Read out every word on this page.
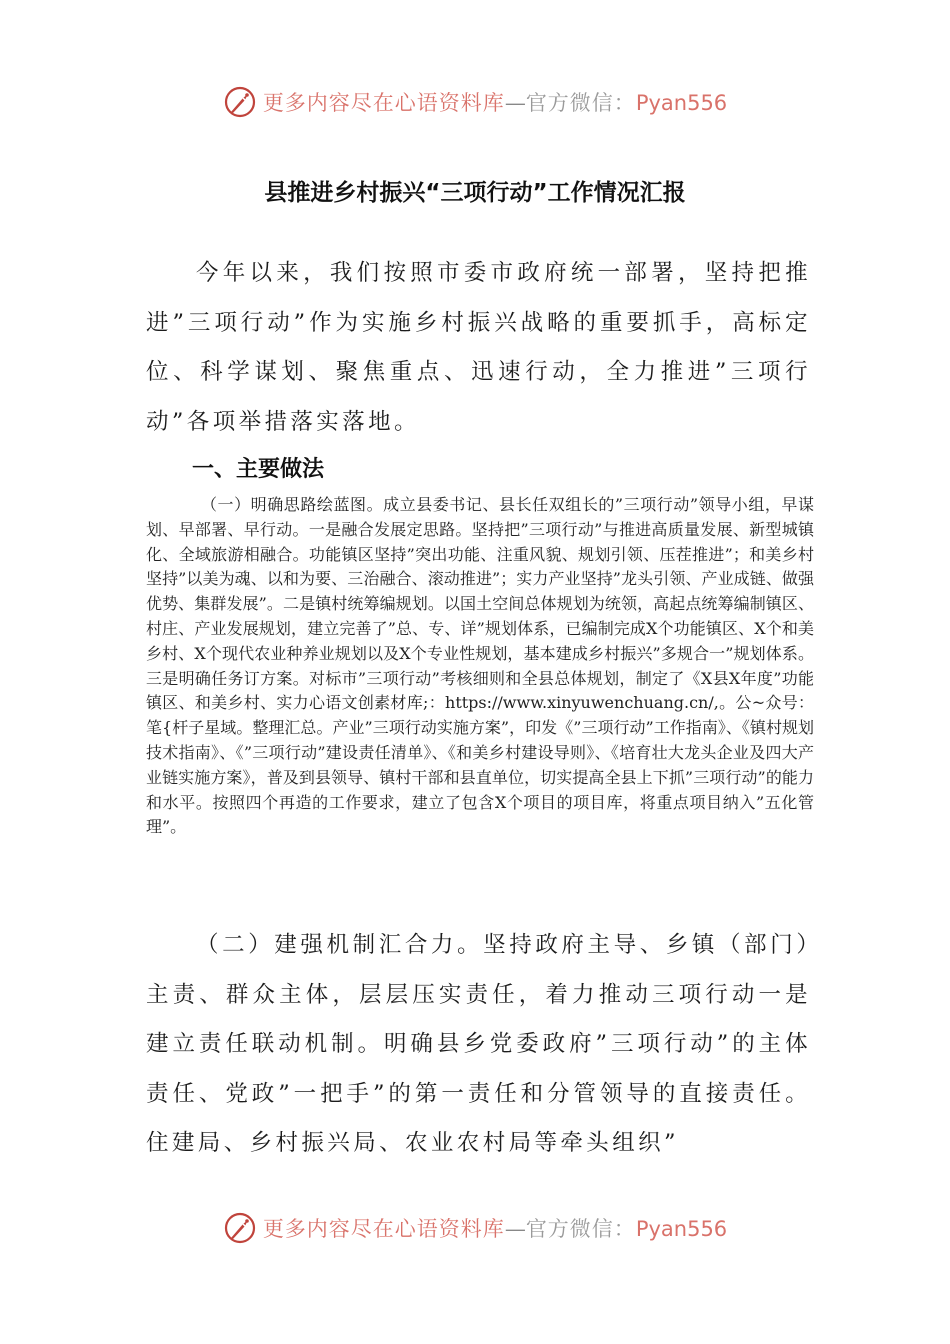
更多内容尽在心语资料库—官方微信：Pyan556
县推进乡村振兴“三项行动”工作情况汇报
今年以来，我们按照市委市政府统一部署，坚持把推进”三项行动”作为实施乡村振兴战略的重要抓手，高标定位、科学谋划、聚焦重点、迅速行动，全力推进”三项行动”各项举措落实落地。
一、主要做法
（一）明确思路绘蓝图。成立县委书记、县长任双组长的”三项行动”领导小组，早谋划、早部署、早行动。一是融合发展定思路。坚持把”三项行动”与推进高质量发展、新型城镇化、全域旅游相融合。功能镇区坚持”突出功能、注重风貌、规划引领、压茬推进”；和美乡村坚持”以美为魂、以和为要、三治融合、滚动推进”；实力产业坚持”龙头引领、产业成链、做强优势、集群发展”。二是镇村统筹编规划。以国土空间总体规划为统领，高起点统筹编制镇区、村庄、产业发展规划，建立完善了”总、专、详”规划体系，已编制完成X个功能镇区、X个和美乡村、X个现代农业种养业规划以及X个专业性规划，基本建成乡村振兴”多规合一”规划体系。三是明确任务订方案。对标市”三项行动”考核细则和全县总体规划，制定了《X县X年度”功能镇区、和美乡村、实力心语文创素材库;：https://www.xinyuwenchuang.cn/,。公~众号：笔{杆子星域。整理汇总。产业”三项行动实施方案”，印发《”三项行动”工作指南》、《镇村规划技术指南》、《”三项行动”建设责任清单》、《和美乡村建设导则》、《培育壮大龙头企业及四大产业链实施方案》，普及到县领导、镇村干部和县直单位，切实提高全县上下抓”三项行动”的能力和水平。按照四个再造的工作要求，建立了包含X个项目的项目库，将重点项目纳入”五化管理”。
（二）建强机制汇合力。坚持政府主导、乡镇（部门）主责、群众主体，层层压实责任，着力推动三项行动一是建立责任联动机制。明确县乡党委政府”三项行动”的主体责任、党政”一把手”的第一责任和分管领导的直接责任。住建局、乡村振兴局、农业农村局等牵头组织”
更多内容尽在心语资料库—官方微信：Pyan556
